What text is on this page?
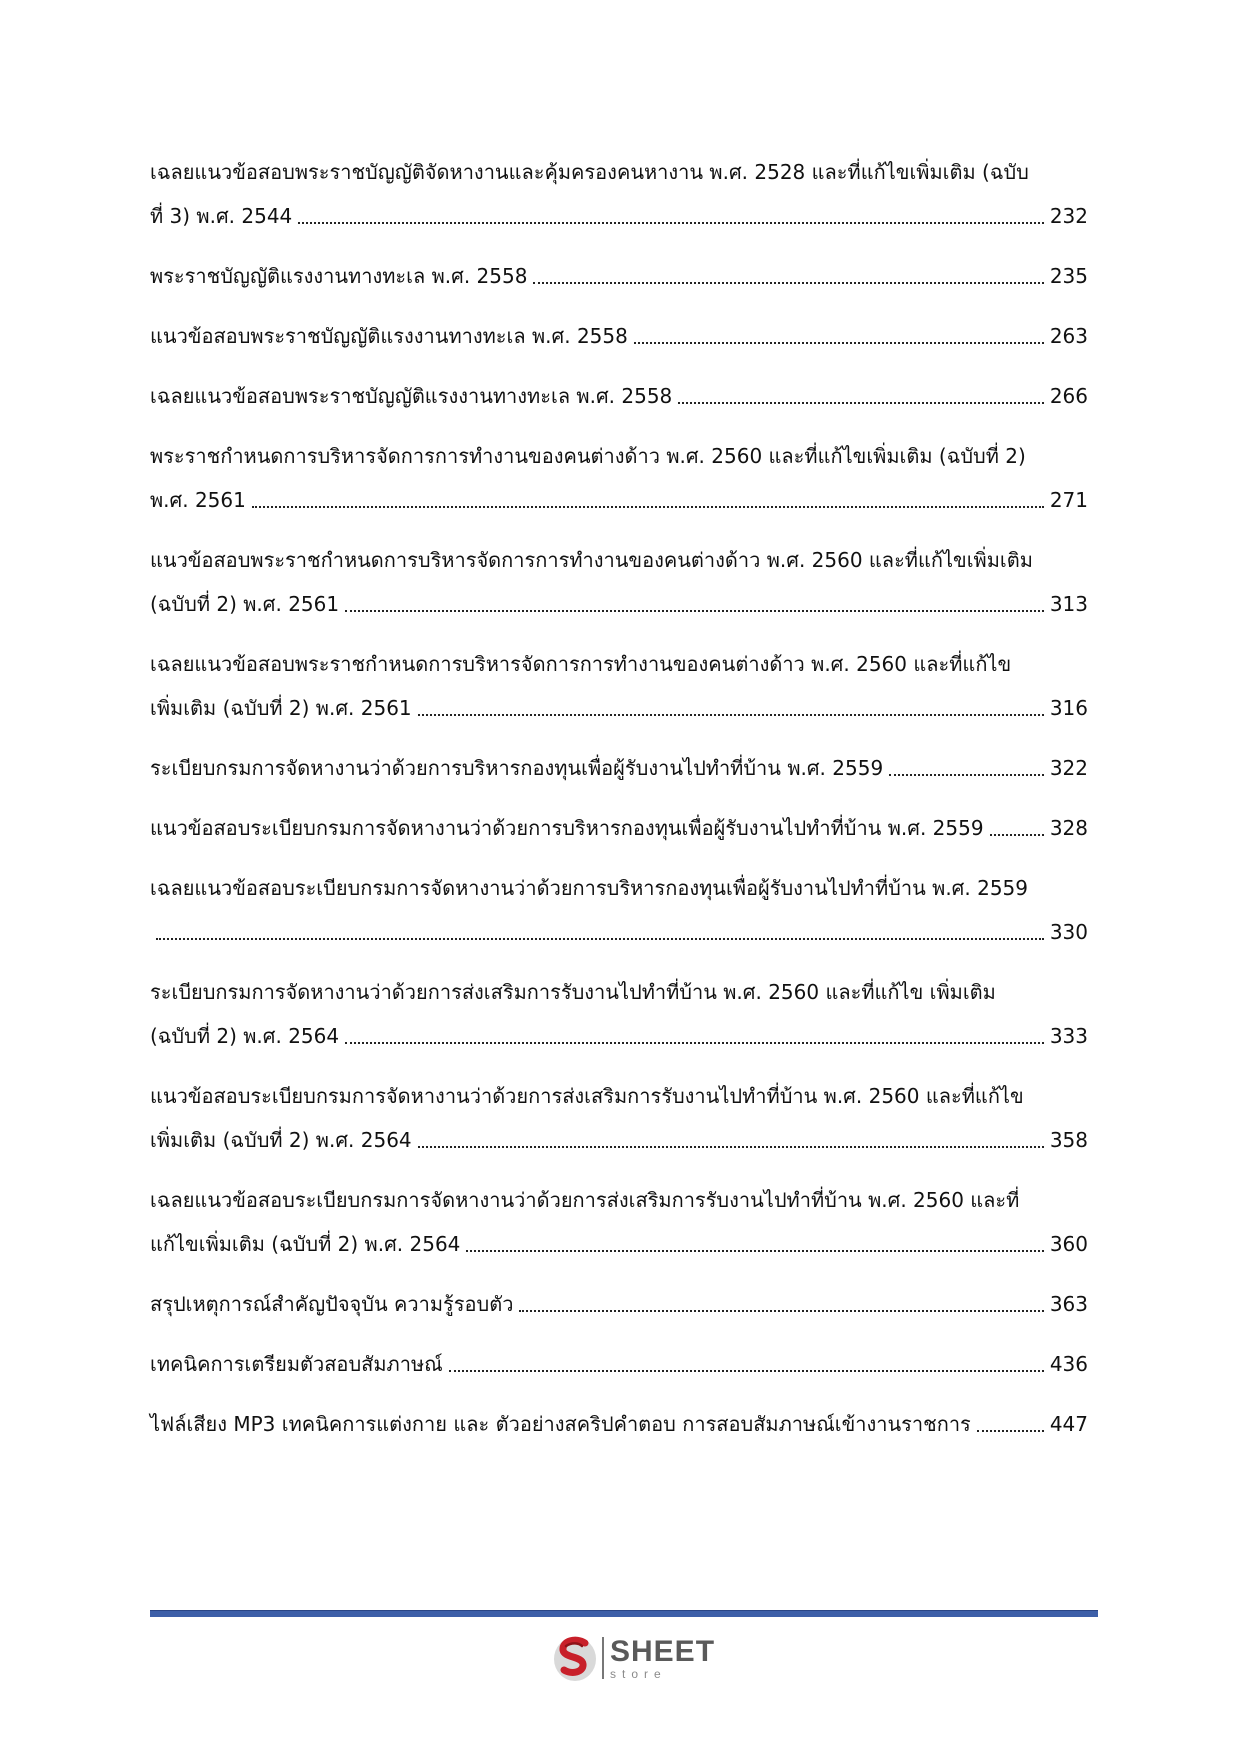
เฉลยแนวข้อสอบพระราชบัญญัติจัดหางานและคุ้มครองคนหางาน พ.ศ. 2528 และที่แก้ไขเพิ่มเติม (ฉบับ
ที่ 3) พ.ศ. 2544	232
พระราชบัญญัติแรงงานทางทะเล พ.ศ. 2558	235
แนวข้อสอบพระราชบัญญัติแรงงานทางทะเล พ.ศ. 2558	263
เฉลยแนวข้อสอบพระราชบัญญัติแรงงานทางทะเล พ.ศ. 2558	266
พระราชกำหนดการบริหารจัดการการทำงานของคนต่างด้าว พ.ศ. 2560 และที่แก้ไขเพิ่มเติม (ฉบับที่ 2)
พ.ศ. 2561	271
แนวข้อสอบพระราชกำหนดการบริหารจัดการการทำงานของคนต่างด้าว พ.ศ. 2560 และที่แก้ไขเพิ่มเติม
(ฉบับที่ 2) พ.ศ. 2561	313
เฉลยแนวข้อสอบพระราชกำหนดการบริหารจัดการการทำงานของคนต่างด้าว พ.ศ. 2560 และที่แก้ไข
เพิ่มเติม (ฉบับที่ 2) พ.ศ. 2561	316
ระเบียบกรมการจัดหางานว่าด้วยการบริหารกองทุนเพื่อผู้รับงานไปทำที่บ้าน พ.ศ. 2559	322
แนวข้อสอบระเบียบกรมการจัดหางานว่าด้วยการบริหารกองทุนเพื่อผู้รับงานไปทำที่บ้าน พ.ศ. 2559	328
เฉลยแนวข้อสอบระเบียบกรมการจัดหางานว่าด้วยการบริหารกองทุนเพื่อผู้รับงานไปทำที่บ้าน พ.ศ. 2559
330
ระเบียบกรมการจัดหางานว่าด้วยการส่งเสริมการรับงานไปทำที่บ้าน พ.ศ. 2560 และที่แก้ไข เพิ่มเติม
(ฉบับที่ 2) พ.ศ. 2564	333
แนวข้อสอบระเบียบกรมการจัดหางานว่าด้วยการส่งเสริมการรับงานไปทำที่บ้าน พ.ศ. 2560 และที่แก้ไข
เพิ่มเติม (ฉบับที่ 2) พ.ศ. 2564	358
เฉลยแนวข้อสอบระเบียบกรมการจัดหางานว่าด้วยการส่งเสริมการรับงานไปทำที่บ้าน พ.ศ. 2560 และที่
แก้ไขเพิ่มเติม (ฉบับที่ 2) พ.ศ. 2564	360
สรุปเหตุการณ์สำคัญปัจจุบัน ความรู้รอบตัว	363
เทคนิคการเตรียมตัวสอบสัมภาษณ์	436
ไฟล์เสียง MP3 เทคนิคการแต่งกาย และ ตัวอย่างสคริปคำตอบ การสอบสัมภาษณ์เข้างานราชการ	447
SHEET
store
